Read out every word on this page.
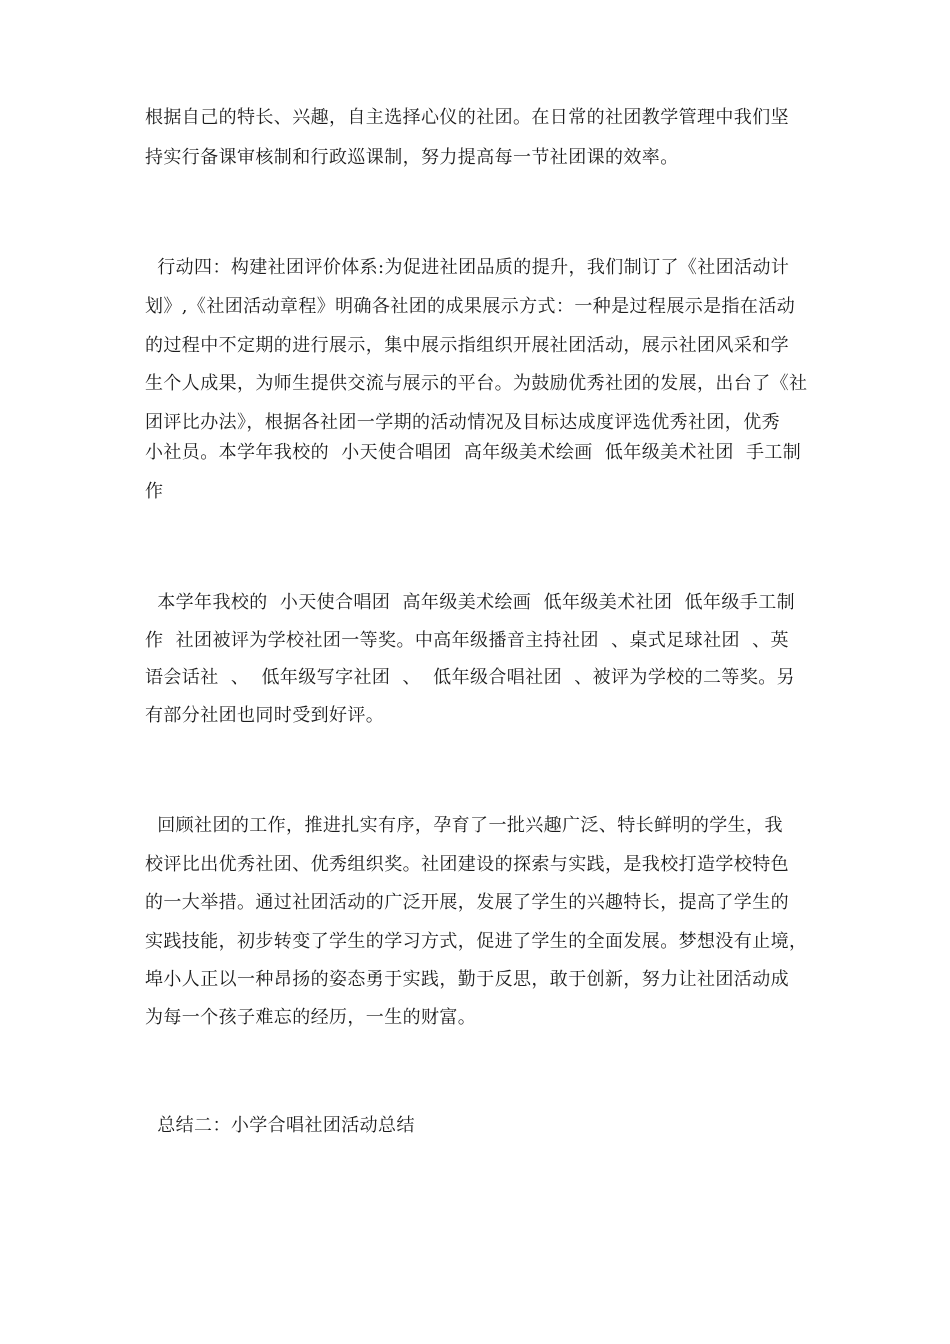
根据自己的特长、兴趣，自主选择心仪的社团。在日常的社团教学管理中我们坚
持实行备课审核制和行政巡课制，努力提高每一节社团课的效率。
行动四：构建社团评价体系:为促进社团品质的提升，我们制订了《社团活动计
划》,《社团活动章程》明确各社团的成果展示方式：一种是过程展示是指在活动
的过程中不定期的进行展示，集中展示指组织开展社团活动，展示社团风采和学
生个人成果，为师生提供交流与展示的平台。为鼓励优秀社团的发展，出台了《社
团评比办法》，根据各社团一学期的活动情况及目标达成度评选优秀社团，优秀
小社员。本学年我校的  小天使合唱团  高年级美术绘画  低年级美术社团  手工制
作
本学年我校的  小天使合唱团  高年级美术绘画  低年级美术社团  低年级手工制
作  社团被评为学校社团一等奖。中高年级播音主持社团  、桌式足球社团  、英
语会话社  、  低年级写字社团  、  低年级合唱社团  、被评为学校的二等奖。另
有部分社团也同时受到好评。
回顾社团的工作，推进扎实有序，孕育了一批兴趣广泛、特长鲜明的学生，我
校评比出优秀社团、优秀组织奖。社团建设的探索与实践，是我校打造学校特色
的一大举措。通过社团活动的广泛开展，发展了学生的兴趣特长，提高了学生的
实践技能，初步转变了学生的学习方式，促进了学生的全面发展。梦想没有止境，
埠小人正以一种昂扬的姿态勇于实践，勤于反思，敢于创新，努力让社团活动成
为每一个孩子难忘的经历，一生的财富。
总结二：小学合唱社团活动总结
